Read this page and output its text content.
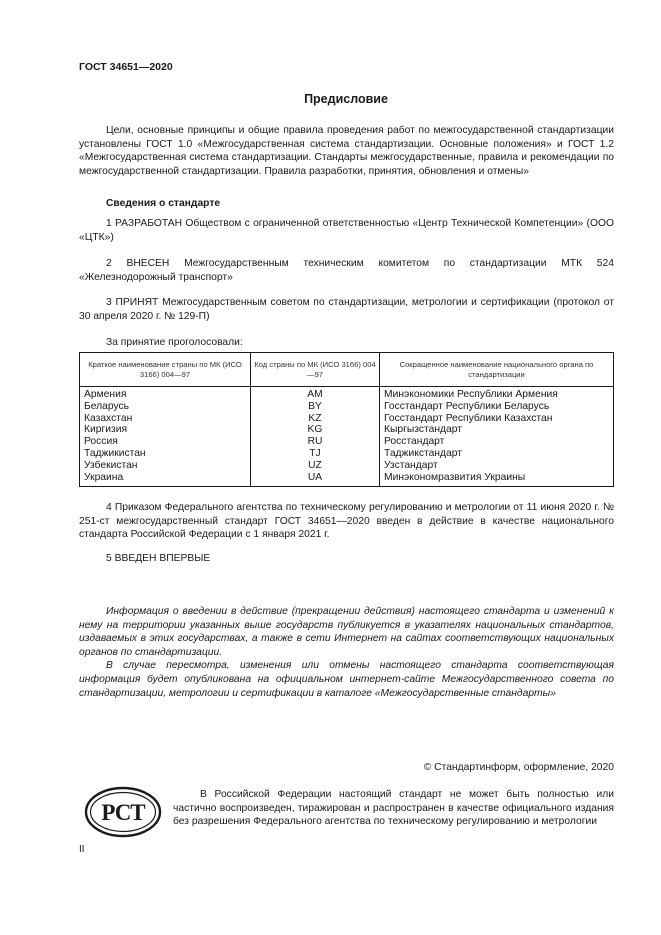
ГОСТ 34651—2020
Предисловие

Цели, основные принципы и общие правила проведения работ по межгосударственной стандартизации установлены ГОСТ 1.0 «Межгосударственная система стандартизации. Основные положения» и ГОСТ 1.2 «Межгосударственная система стандартизации. Стандарты межгосударственные, правила и рекомендации по межгосударственной стандартизации. Правила разработки, принятия, обновления и отмены»

Сведения о стандарте

1 РАЗРАБОТАН Обществом с ограниченной ответственностью «Центр Технической Компетенции» (ООО «ЦТК»)

2 ВНЕСЕН Межгосударственным техническим комитетом по стандартизации МТК 524 «Железнодорожный транспорт»

3 ПРИНЯТ Межгосударственным советом по стандартизации, метрологии и сертификации (протокол от 30 апреля 2020 г. № 129-П)

За принятие проголосовали:
Краткое наименование страны по МК (ИСО 3166) 004—97	Код страны по МК (ИСО 3166) 004—97	Сокращенное наименование национального органа по стандартизации
Армения	AM	Минэкономики Республики Армения
Беларусь	BY	Госстандарт Республики Беларусь
Казахстан	KZ	Госстандарт Республики Казахстан
Киргизия	KG	Кыргызстандарт
Россия	RU	Росстандарт
Таджикистан	TJ	Таджикстандарт
Узбекистан	UZ	Узстандарт
Украина	UA	Минэкономразвития Украины

4 Приказом Федерального агентства по техническому регулированию и метрологии от 11 июня 2020 г. № 251-ст межгосударственный стандарт ГОСТ 34651—2020 введен в действие в качестве национального стандарта Российской Федерации с 1 января 2021 г.

5 ВВЕДЕН ВПЕРВЫЕ

Информация о введении в действие (прекращении действия) настоящего стандарта и изменений к нему на территории указанных выше государств публикуется в указателях национальных стандартов, издаваемых в этих государствах, а также в сети Интернет на сайтах соответствующих национальных органов по стандартизации.

В случае пересмотра, изменения или отмены настоящего стандарта соответствующая информация будет опубликована на официальном интернет-сайте Межгосударственного совета по стандартизации, метрологии и сертификации в каталоге «Межгосударственные стандарты»

© Стандартинформ, оформление, 2020
РСТ
В Российской Федерации настоящий стандарт не может быть полностью или частично воспроизведен, тиражирован и распространен в качестве официального издания без разрешения Федерального агентства по техническому регулированию и метрологии
II
